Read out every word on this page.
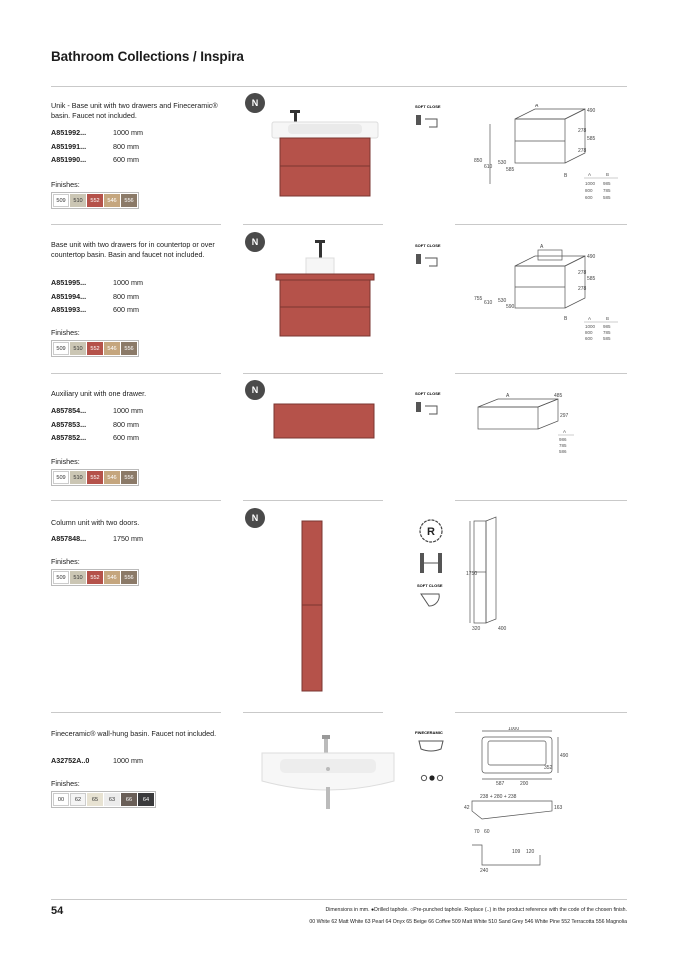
Bathroom Collections / Inspira
Unik - Base unit with two drawers and Fineceramic® basin. Faucet not included.
A851992...	1000 mm
A851991...	800 mm
A851990...	600 mm
Finishes:
509	510	552	546	556
N	SOFT CLOSE	A
490
278
585
278
850
610
530
585
B	A	B
1000 985
800 785
600 585
Base unit with two drawers for in countertop or over countertop basin. Basin and faucet not included.
A851995...	1000 mm
A851994...	800 mm
A851993...	600 mm
Finishes:
509	510	552	546	556
N	SOFT CLOSE	A
490
278
585
278
755
610 530
590
B	A	B
1000 985
800 785
600 585
Auxiliary unit with one drawer.
A857854...	1000 mm
A857853...	800 mm
A857852...	600 mm
Finishes:
509	510	552	546	556
N	SOFT CLOSE	A	485
297
A
986
785
586
Column unit with two doors.
A857848...	1750 mm
Finishes:
509	510	552	546	556
N
R
SOFT CLOSE
1750
320	400
Fineceramic® wall-hung basin. Faucet not included.
A32752A..0	1000 mm
Finishes:
00	62	65	63	66	64
FINECERAMIC
1000
490
352
587	200
238 + 280 + 238
163
42
70 60
109 120
240
54	Dimensions in mm. ●Drilled taphole. ○Pre-punched taphole. Replace (..) in the product reference with the code of the chosen finish.
00 White 62 Matt White 63 Pearl 64 Onyx 65 Beige 66 Coffee 509 Matt White 510 Sand Grey 546 White Pine 552 Terracotta 556 Magnolia
